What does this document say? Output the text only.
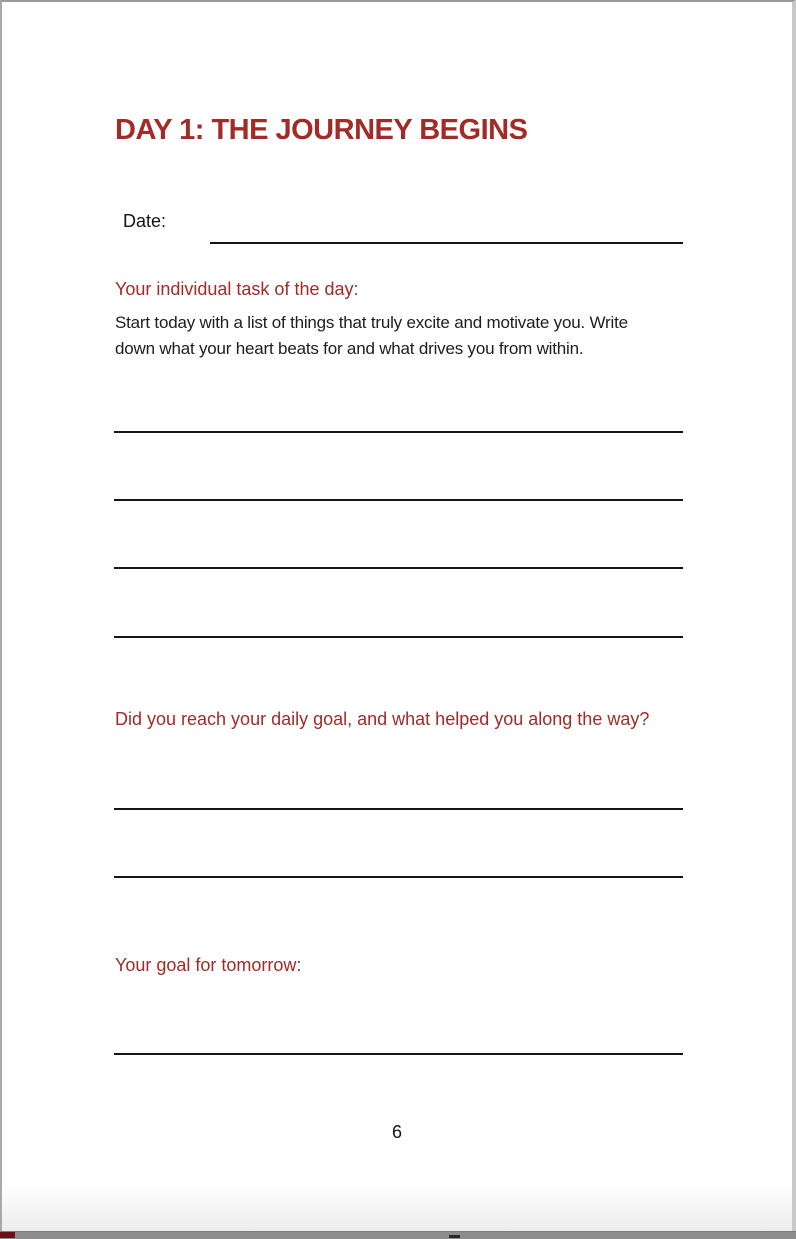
DAY 1: THE JOURNEY BEGINS
Date:
Your individual task of the day:
Start today with a list of things that truly excite and motivate you. Write
down what your heart beats for and what drives you from within.
Did you reach your daily goal, and what helped you along the way?
Your goal for tomorrow:
6
